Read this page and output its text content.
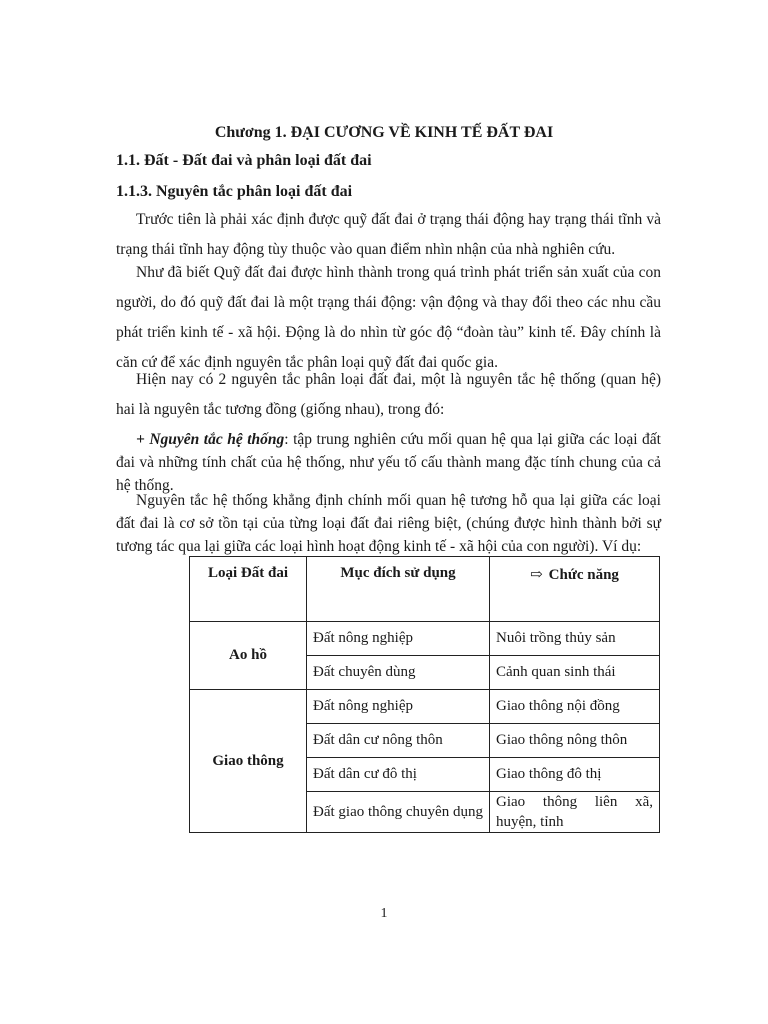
Chương 1. ĐẠI CƯƠNG VỀ KINH TẾ ĐẤT ĐAI
1.1. Đất - Đất đai và phân loại đất đai
1.1.3. Nguyên tắc phân loại đất đai

Trước tiên là phải xác định được quỹ đất đai ở trạng thái động hay trạng thái tĩnh và trạng thái tĩnh hay động tùy thuộc vào quan điểm nhìn nhận của nhà nghiên cứu.

Như đã biết Quỹ đất đai được hình thành trong quá trình phát triển sản xuất của con người, do đó quỹ đất đai là một trạng thái động: vận động và thay đổi theo các nhu cầu phát triển kinh tế - xã hội. Động là do nhìn từ góc độ “đoàn tàu” kinh tế. Đây chính là căn cứ để xác định nguyên tắc phân loại quỹ đất đai quốc gia.

Hiện nay có 2 nguyên tắc phân loại đất đai, một là nguyên tắc hệ thống (quan hệ) hai là nguyên tắc tương đồng (giống nhau), trong đó:

+ Nguyên tắc hệ thống: tập trung nghiên cứu mối quan hệ qua lại giữa các loại đất đai và những tính chất của hệ thống, như yếu tố cấu thành mang đặc tính chung của cả hệ thống.

Nguyên tắc hệ thống khẳng định chính mối quan hệ tương hỗ qua lại giữa các loại đất đai là cơ sở tồn tại của từng loại đất đai riêng biệt, (chúng được hình thành bởi sự tương tác qua lại giữa các loại hình hoạt động kinh tế - xã hội của con người). Ví dụ:

Loại Đất đai	Mục đích sử dụng	⇨ Chức năng
Ao hồ	Đất nông nghiệp	Nuôi trồng thủy sản
	Đất chuyên dùng	Cảnh quan sinh thái
Giao thông	Đất nông nghiệp	Giao thông nội đồng
	Đất dân cư nông thôn	Giao thông nông thôn
	Đất dân cư đô thị	Giao thông đô thị
	Đất giao thông chuyên dụng	Giao thông liên xã, huyện, tỉnh
1
